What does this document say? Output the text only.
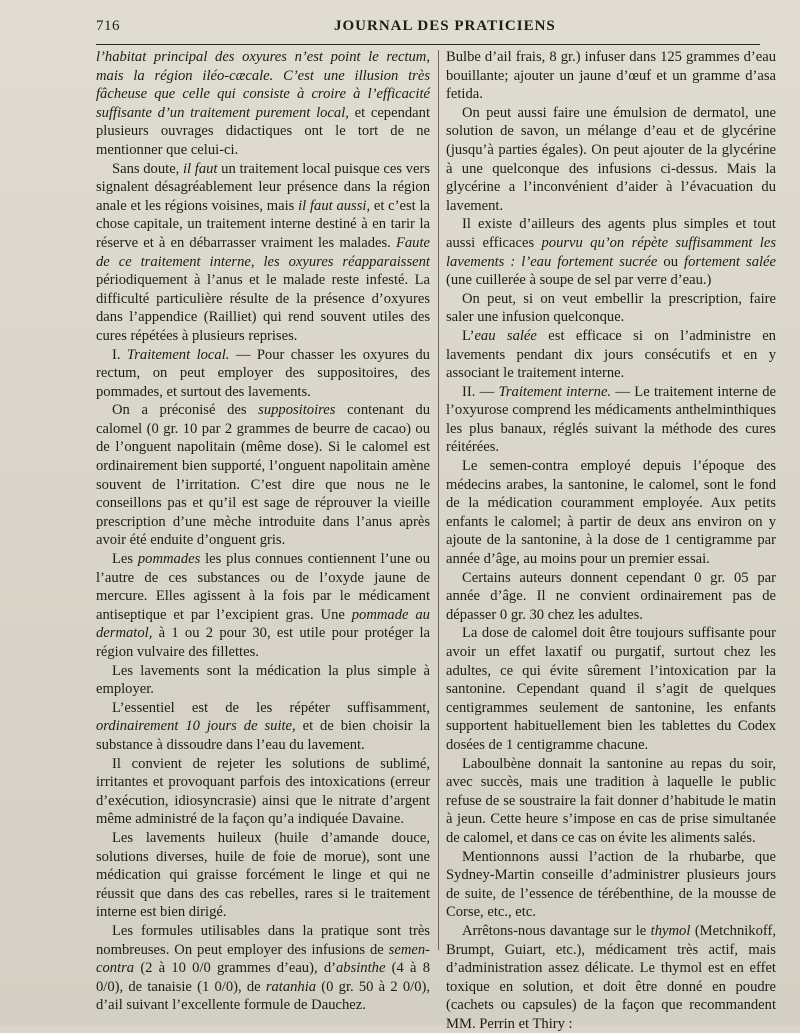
716	JOURNAL DES PRATICIENS

l’habitat principal des oxyures n’est point le rectum, mais la région iléo-cæcale. C’est une illusion très fâcheuse que celle qui consiste à croire à l’efficacité suffisante d’un traitement purement local, et cependant plusieurs ouvrages didactiques ont le tort de ne mentionner que celui-ci.

Sans doute, il faut un traitement local puisque ces vers signalent désagréablement leur présence dans la région anale et les régions voisines, mais il faut aussi, et c’est la chose capitale, un traitement interne destiné à en tarir la réserve et à en débarrasser vraiment les malades. Faute de ce traitement interne, les oxyures réapparaissent périodiquement à l’anus et le malade reste infesté. La difficulté particulière résulte de la présence d’oxyures dans l’appendice (Railliet) qui rend souvent utiles des cures répétées à plusieurs reprises.

I. Traitement local. — Pour chasser les oxyures du rectum, on peut employer des suppositoires, des pommades, et surtout des lavements.

On a préconisé des suppositoires contenant du calomel (0 gr. 10 par 2 grammes de beurre de cacao) ou de l’onguent napolitain (même dose). Si le calomel est ordinairement bien supporté, l’onguent napolitain amène souvent de l’irritation. C’est dire que nous ne le conseillons pas et qu’il est sage de réprouver la vieille prescription d’une mèche introduite dans l’anus après avoir été enduite d’onguent gris.

Les pommades les plus connues contiennent l’une ou l’autre de ces substances ou de l’oxyde jaune de mercure. Elles agissent à la fois par le médicament antiseptique et par l’excipient gras. Une pommade au dermatol, à 1 ou 2 pour 30, est utile pour protéger la région vulvaire des fillettes.

Les lavements sont la médication la plus simple à employer.

L’essentiel est de les répéter suffisamment, ordinairement 10 jours de suite, et de bien choisir la substance à dissoudre dans l’eau du lavement.

Il convient de rejeter les solutions de sublimé, irritantes et provoquant parfois des intoxications (erreur d’exécution, idiosyncrasie) ainsi que le nitrate d’argent même administré de la façon qu’a indiquée Davaine.

Les lavements huileux (huile d’amande douce, solutions diverses, huile de foie de morue), sont une médication qui graisse forcément le linge et qui ne réussit que dans des cas rebelles, rares si le traitement interne est bien dirigé.

Les formules utilisables dans la pratique sont très nombreuses. On peut employer des infusions de semen-contra (2 à 10 0/0 grammes d’eau), d’absinthe (4 à 8 0/0), de tanaisie (1 0/0), de ratanhia (0 gr. 50 à 2 0/0), d’ail suivant l’excellente formule de Dauchez.

Bulbe d’ail frais, 8 gr.) infuser dans 125 grammes d’eau bouillante; ajouter un jaune d’œuf et un gramme d’asa fetida.

On peut aussi faire une émulsion de dermatol, une solution de savon, un mélange d’eau et de glycérine (jusqu’à parties égales). On peut ajouter de la glycérine à une quelconque des infusions ci-dessus. Mais la glycérine a l’inconvénient d’aider à l’évacuation du lavement.

Il existe d’ailleurs des agents plus simples et tout aussi efficaces pourvu qu’on répète suffisamment les lavements : l’eau fortement sucrée ou fortement salée (une cuillerée à soupe de sel par verre d’eau.)

On peut, si on veut embellir la prescription, faire saler une infusion quelconque.

L’eau salée est efficace si on l’administre en lavements pendant dix jours consécutifs et en y associant le traitement interne.

II. — Traitement interne. — Le traitement interne de l’oxyurose comprend les médicaments anthelminthiques les plus banaux, réglés suivant la méthode des cures réitérées.

Le semen-contra employé depuis l’époque des médecins arabes, la santonine, le calomel, sont le fond de la médication couramment employée. Aux petits enfants le calomel; à partir de deux ans environ on y ajoute de la santonine, à la dose de 1 centigramme par année d’âge, au moins pour un premier essai.

Certains auteurs donnent cependant 0 gr. 05 par année d’âge. Il ne convient ordinairement pas de dépasser 0 gr. 30 chez les adultes.

La dose de calomel doit être toujours suffisante pour avoir un effet laxatif ou purgatif, surtout chez les adultes, ce qui évite sûrement l’intoxication par la santonine. Cependant quand il s’agit de quelques centigrammes seulement de santonine, les enfants supportent habituellement bien les tablettes du Codex dosées de 1 centigramme chacune.

Laboulbène donnait la santonine au repas du soir, avec succès, mais une tradition à laquelle le public refuse de se soustraire la fait donner d’habitude le matin à jeun. Cette heure s’impose en cas de prise simultanée de calomel, et dans ce cas on évite les aliments salés.

Mentionnons aussi l’action de la rhubarbe, que Sydney-Martin conseille d’administrer plusieurs jours de suite, de l’essence de térébenthine, de la mousse de Corse, etc., etc.

Arrêtons-nous davantage sur le thymol (Metchnikoff, Brumpt, Guiart, etc.), médicament très actif, mais d’administration assez délicate. Le thymol est en effet toxique en solution, et doit être donné en poudre (cachets ou capsules) de la façon que recommandent MM. Perrin et Thiry :
